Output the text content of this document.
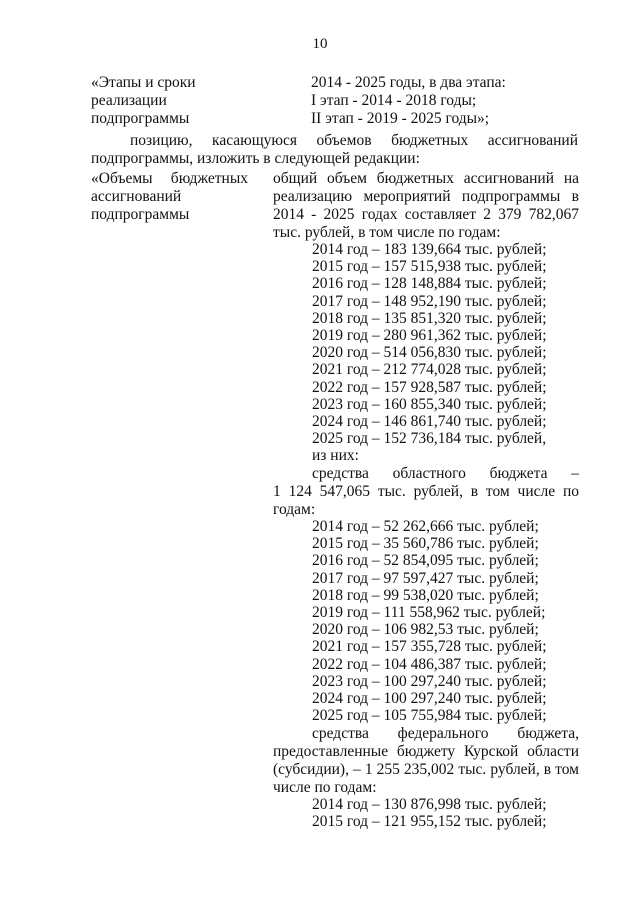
10
«Этапы и сроки
реализации
подпрограммы
2014 - 2025 годы, в два этапа:
I этап - 2014 - 2018 годы;
II этап - 2019 - 2025 годы»;
позицию, касающуюся объемов бюджетных ассигнований
подпрограммы, изложить в следующей редакции:
«Объемы бюджетных
ассигнований
подпрограммы
общий объем бюджетных ассигнований на
реализацию мероприятий подпрограммы в
2014 - 2025 годах составляет 2 379 782,067
тыс. рублей, в том числе по годам:
2014 год – 183 139,664 тыс. рублей;
2015 год – 157 515,938 тыс. рублей;
2016 год – 128 148,884 тыс. рублей;
2017 год – 148 952,190 тыс. рублей;
2018 год – 135 851,320 тыс. рублей;
2019 год – 280 961,362 тыс. рублей;
2020 год – 514 056,830 тыс. рублей;
2021 год – 212 774,028 тыс. рублей;
2022 год – 157 928,587 тыс. рублей;
2023 год – 160 855,340 тыс. рублей;
2024 год – 146 861,740 тыс. рублей;
2025 год – 152 736,184 тыс. рублей,
из них:
средства областного бюджета –
1 124 547,065 тыс. рублей, в том числе по
годам:
2014 год – 52 262,666 тыс. рублей;
2015 год – 35 560,786 тыс. рублей;
2016 год – 52 854,095 тыс. рублей;
2017 год – 97 597,427 тыс. рублей;
2018 год – 99 538,020 тыс. рублей;
2019 год – 111 558,962 тыс. рублей;
2020 год – 106 982,53 тыс. рублей;
2021 год – 157 355,728 тыс. рублей;
2022 год – 104 486,387 тыс. рублей;
2023 год – 100 297,240 тыс. рублей;
2024 год – 100 297,240 тыс. рублей;
2025 год – 105 755,984 тыс. рублей;
средства федерального бюджета,
предоставленные бюджету Курской области
(субсидии), – 1 255 235,002 тыс. рублей, в том
числе по годам:
2014 год – 130 876,998 тыс. рублей;
2015 год – 121 955,152 тыс. рублей;
